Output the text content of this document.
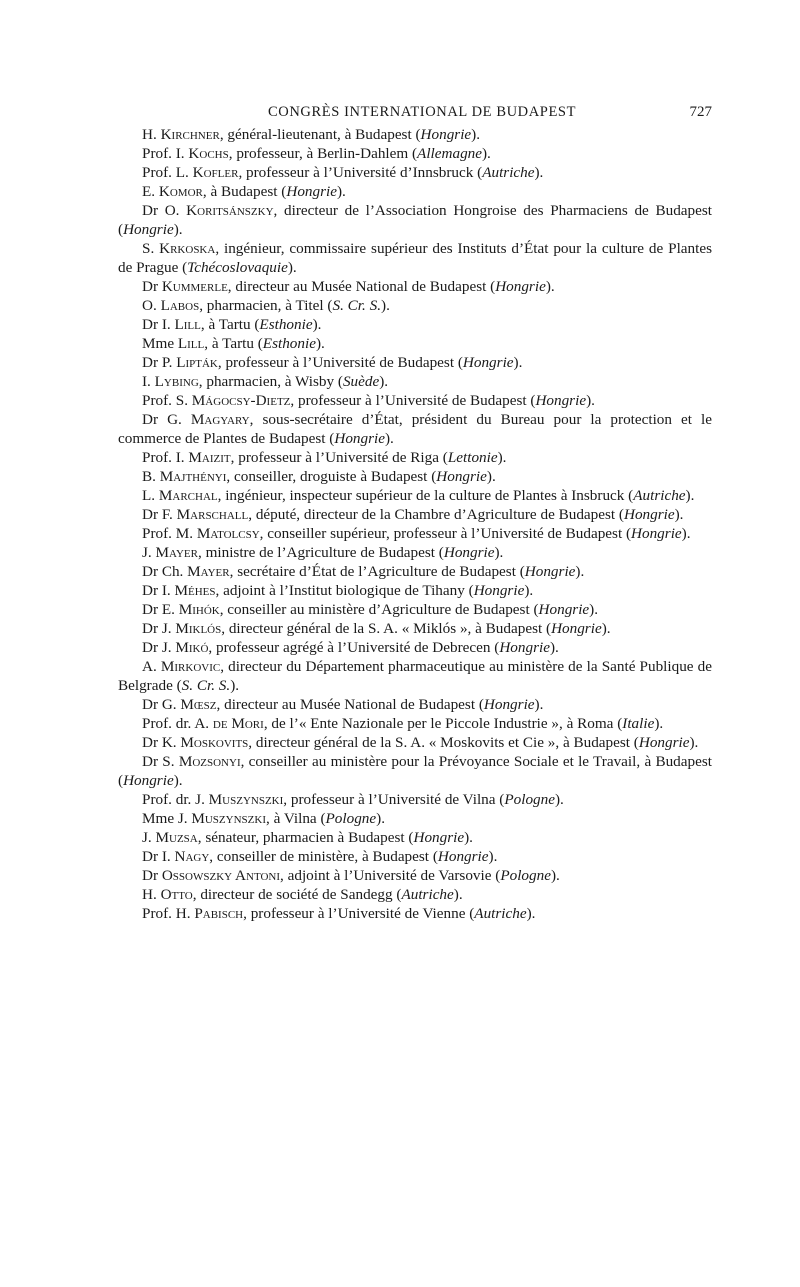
CONGRÈS INTERNATIONAL DE BUDAPEST	727

H. Kirchner, général-lieutenant, à Budapest (Hongrie).

Prof. I. Kochs, professeur, à Berlin-Dahlem (Allemagne).

Prof. L. Kofler, professeur à l’Université d’Innsbruck (Autriche).

E. Komor, à Budapest (Hongrie).

Dr O. Koritsánszky, directeur de l’Association Hongroise des Pharmaciens de Budapest (Hongrie).

S. Krkoska, ingénieur, commissaire supérieur des Instituts d’État pour la culture de Plantes de Prague (Tchécoslovaquie).

Dr Kummerle, directeur au Musée National de Budapest (Hongrie).

O. Labos, pharmacien, à Titel (S. Cr. S.).

Dr I. Lill, à Tartu (Esthonie).

Mme Lill, à Tartu (Esthonie).

Dr P. Lipták, professeur à l’Université de Budapest (Hongrie).

I. Lybing, pharmacien, à Wisby (Suède).

Prof. S. Mágocsy-Dietz, professeur à l’Université de Budapest (Hongrie).

Dr G. Magyary, sous-secrétaire d’État, président du Bureau pour la protection et le commerce de Plantes de Budapest (Hongrie).

Prof. I. Maizit, professeur à l’Université de Riga (Lettonie).

B. Majthényi, conseiller, droguiste à Budapest (Hongrie).

L. Marchal, ingénieur, inspecteur supérieur de la culture de Plantes à Insbruck (Autriche).

Dr F. Marschall, député, directeur de la Chambre d’Agriculture de Budapest (Hongrie).

Prof. M. Matolcsy, conseiller supérieur, professeur à l’Université de Budapest (Hongrie).

J. Mayer, ministre de l’Agriculture de Budapest (Hongrie).

Dr Ch. Mayer, secrétaire d’État de l’Agriculture de Budapest (Hongrie).

Dr I. Méhes, adjoint à l’Institut biologique de Tihany (Hongrie).

Dr E. Mihók, conseiller au ministère d’Agriculture de Budapest (Hongrie).

Dr J. Miklós, directeur général de la S. A. « Miklós », à Budapest (Hongrie).

Dr J. Mikó, professeur agrégé à l’Université de Debrecen (Hongrie).

A. Mirkovic, directeur du Département pharmaceutique au ministère de la Santé Publique de Belgrade (S. Cr. S.).

Dr G. Mœsz, directeur au Musée National de Budapest (Hongrie).

Prof. dr. A. de Mori, de l’« Ente Nazionale per le Piccole Industrie », à Roma (Italie).

Dr K. Moskovits, directeur général de la S. A. « Moskovits et Cie », à Budapest (Hongrie).

Dr S. Mozsonyi, conseiller au ministère pour la Prévoyance Sociale et le Travail, à Budapest (Hongrie).

Prof. dr. J. Muszynszki, professeur à l’Université de Vilna (Pologne).

Mme J. Muszynszki, à Vilna (Pologne).

J. Muzsa, sénateur, pharmacien à Budapest (Hongrie).

Dr I. Nagy, conseiller de ministère, à Budapest (Hongrie).

Dr Ossowszky Antoni, adjoint à l’Université de Varsovie (Pologne).

H. Otto, directeur de société de Sandegg (Autriche).

Prof. H. Pabisch, professeur à l’Université de Vienne (Autriche).
